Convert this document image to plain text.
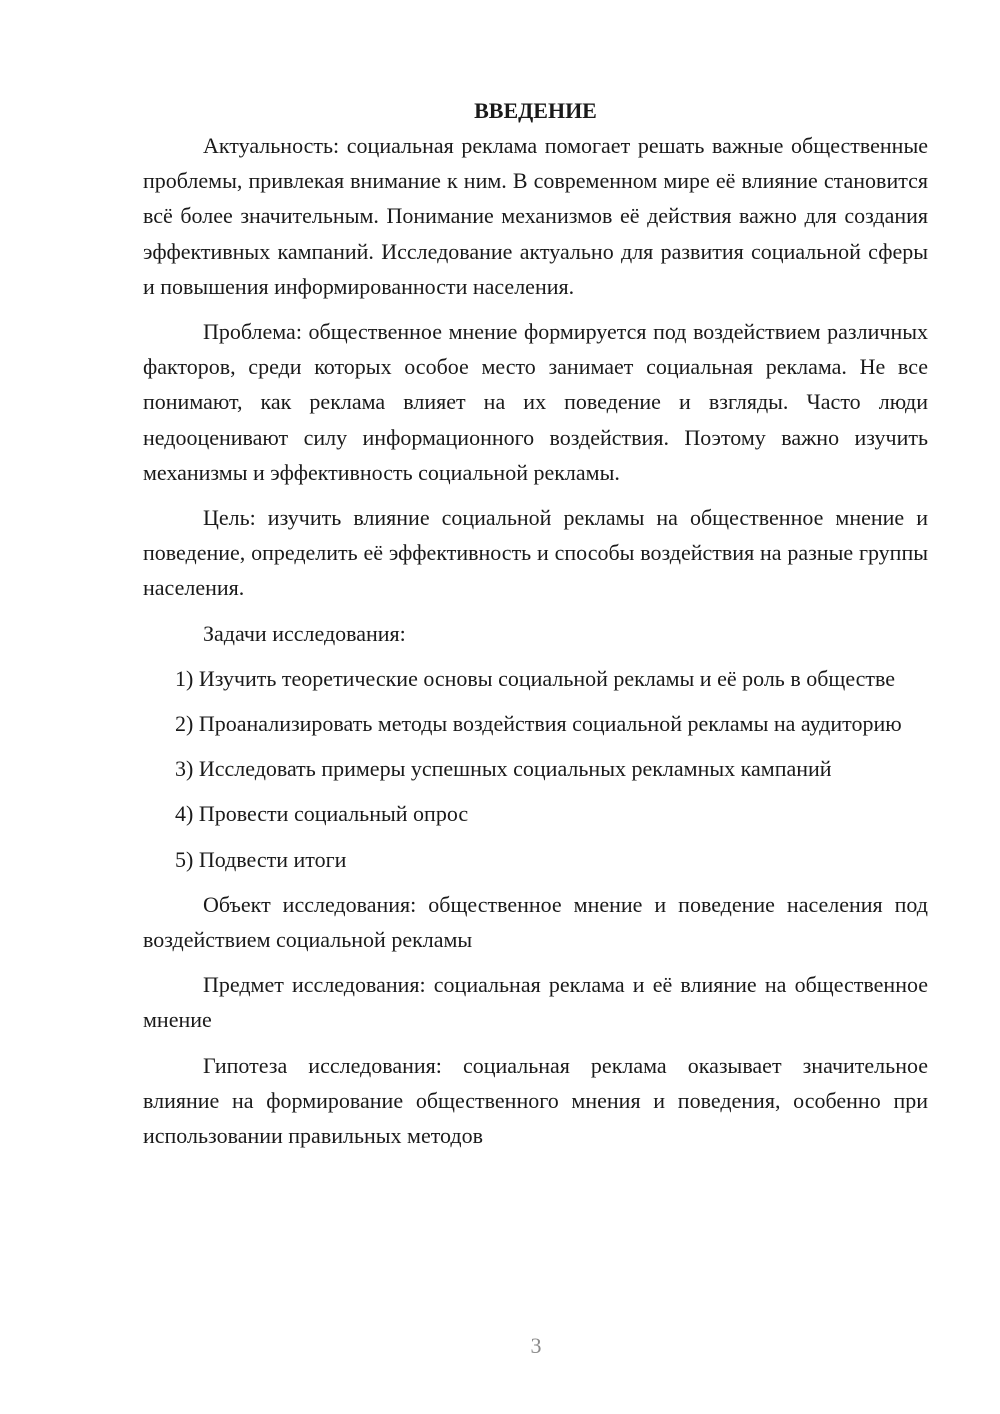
ВВЕДЕНИЕ

Актуальность: социальная реклама помогает решать важные общественные проблемы, привлекая внимание к ним. В современном мире её влияние становится всё более значительным. Понимание механизмов её действия важно для создания эффективных кампаний. Исследование актуально для развития социальной сферы и повышения информированности населения.

Проблема: общественное мнение формируется под воздействием различных факторов, среди которых особое место занимает социальная реклама. Не все понимают, как реклама влияет на их поведение и взгляды. Часто люди недооценивают силу информационного воздействия. Поэтому важно изучить механизмы и эффективность социальной рекламы.

Цель: изучить влияние социальной рекламы на общественное мнение и поведение, определить её эффективность и способы воздействия на разные группы населения.

Задачи исследования:

1) Изучить теоретические основы социальной рекламы и её роль в обществе

2) Проанализировать методы воздействия социальной рекламы на аудиторию

3) Исследовать примеры успешных социальных рекламных кампаний

4) Провести социальный опрос

5) Подвести итоги

Объект исследования: общественное мнение и поведение населения под воздействием социальной рекламы

Предмет исследования: социальная реклама и её влияние на общественное мнение

Гипотеза исследования: социальная реклама оказывает значительное влияние на формирование общественного мнения и поведения, особенно при использовании правильных методов

3
